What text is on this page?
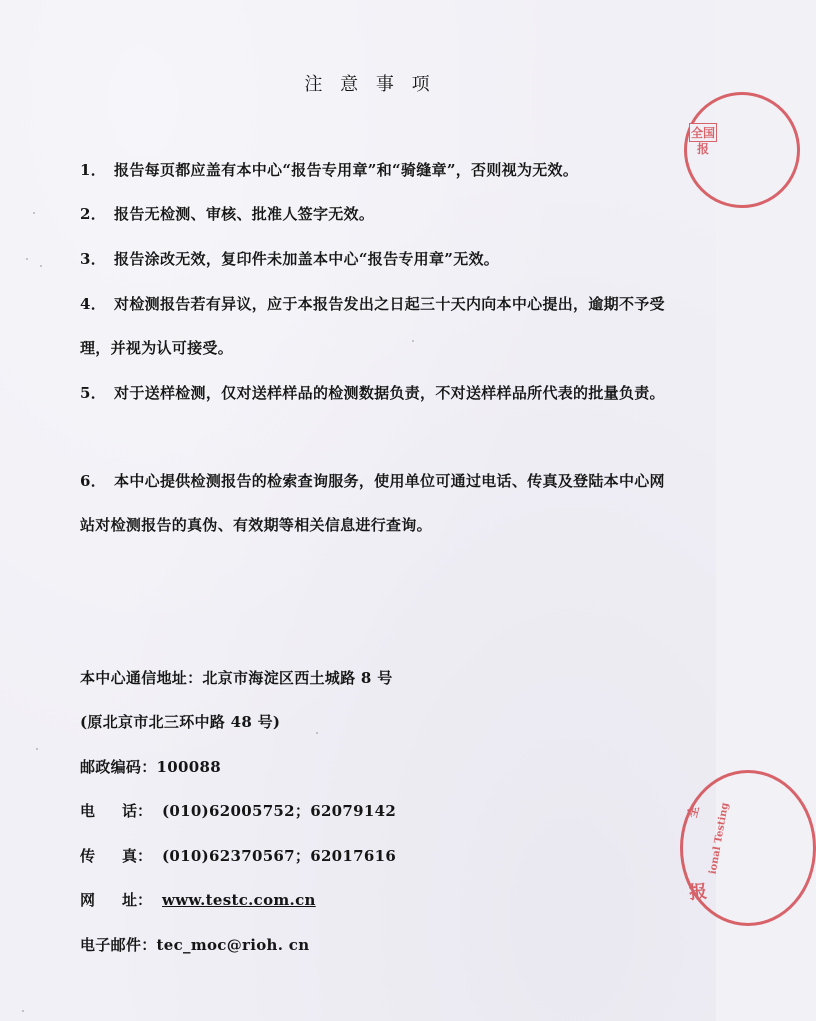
注 意 事 项
1． 报告每页都应盖有本中心“报告专用章”和“骑缝章”，否则视为无效。
2． 报告无检测、审核、批准人签字无效。
3． 报告涂改无效，复印件未加盖本中心“报告专用章”无效。
4． 对检测报告若有异议，应于本报告发出之日起三十天内向本中心提出，逾期不予受理，并视为认可接受。
5． 对于送样检测，仅对送样样品的检测数据负责，不对送样样品所代表的批量负责。
6． 本中心提供检测报告的检索查询服务，使用单位可通过电话、传真及登陆本中心网站对检测报告的真伪、有效期等相关信息进行查询。
本中心通信地址：北京市海淀区西土城路 8 号
(原北京市北三环中路 48 号)
邮政编码：100088
电 话： (010)62005752；62079142
传 真： (010)62370567；62017616
网 址： www.testc.com.cn
电子邮件：tec_moc@rioh. cn
全国
报
全 ional Testing
报
